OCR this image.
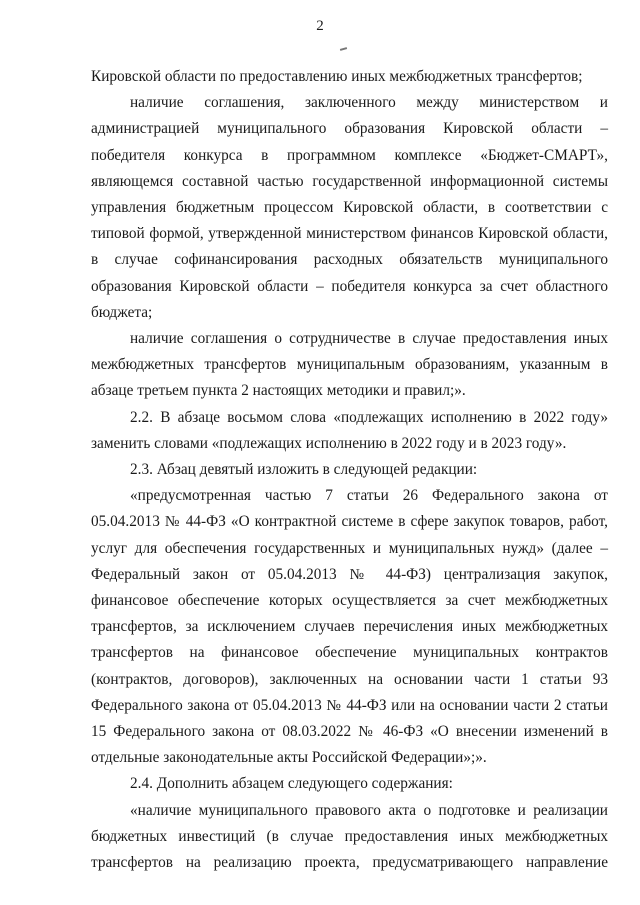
2

Кировской области по предоставлению иных межбюджетных трансфертов;

наличие соглашения, заключенного между министерством и администрацией муниципального образования Кировской области – победителя конкурса в программном комплексе «Бюджет-СМАРТ», являющемся составной частью государственной информационной системы управления бюджетным процессом Кировской области, в соответствии с типовой формой, утвержденной министерством финансов Кировской области, в случае софинансирования расходных обязательств муниципального образования Кировской области – победителя конкурса за счет областного бюджета;

наличие соглашения о сотрудничестве в случае предоставления иных межбюджетных трансфертов муниципальным образованиям, указанным в абзаце третьем пункта 2 настоящих методики и правил;».

2.2. В абзаце восьмом слова «подлежащих исполнению в 2022 году» заменить словами «подлежащих исполнению в 2022 году и в 2023 году».

2.3. Абзац девятый изложить в следующей редакции:

«предусмотренная частью 7 статьи 26 Федерального закона от 05.04.2013 № 44-ФЗ «О контрактной системе в сфере закупок товаров, работ, услуг для обеспечения государственных и муниципальных нужд» (далее – Федеральный закон от 05.04.2013 № 44-ФЗ) централизация закупок, финансовое обеспечение которых осуществляется за счет межбюджетных трансфертов, за исключением случаев перечисления иных межбюджетных трансфертов на финансовое обеспечение муниципальных контрактов (контрактов, договоров), заключенных на основании части 1 статьи 93 Федерального закона от 05.04.2013 № 44-ФЗ или на основании части 2 статьи 15 Федерального закона от 08.03.2022 № 46-ФЗ «О внесении изменений в отдельные законодательные акты Российской Федерации»;».

2.4. Дополнить абзацем следующего содержания:

«наличие муниципального правового акта о подготовке и реализации бюджетных инвестиций (в случае предоставления иных межбюджетных трансфертов на реализацию проекта, предусматривающего направление
